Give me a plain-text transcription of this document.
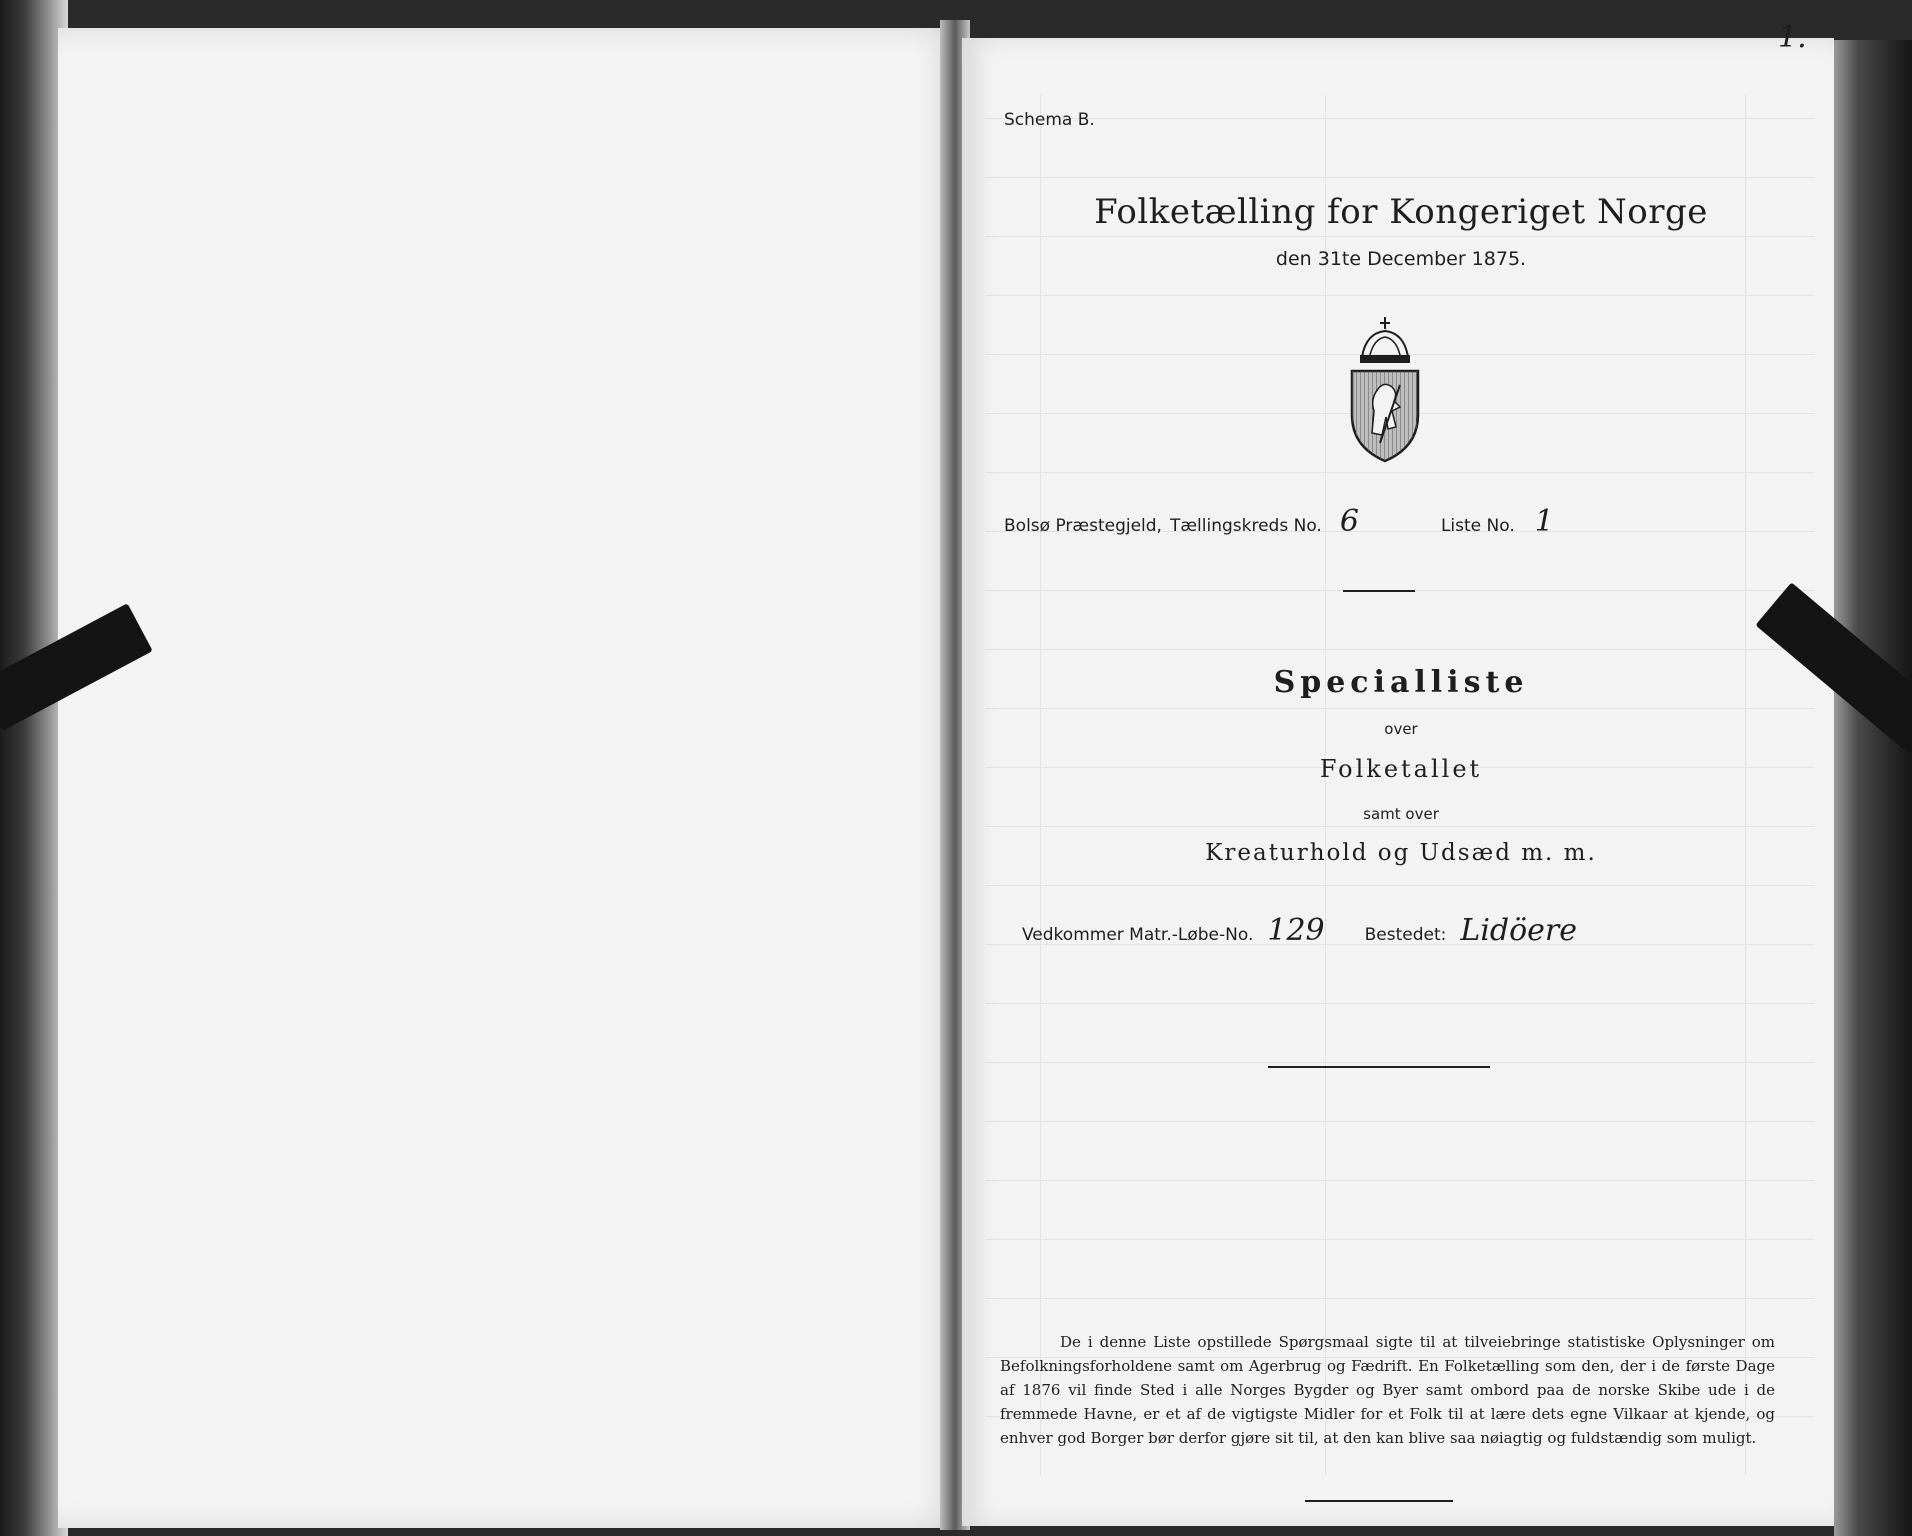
Schema B.
1.
Folketælling for Kongeriget Norge
den 31te December 1875.
Bolsø Præstegjeld, Tællingskreds No. 6	Liste No. 1
Specialliste
over
Folketallet
samt over
Kreaturhold og Udsæd m. m.
Vedkommer Matr.-Løbe-No. 129 Bestedet: Lidöere
De i denne Liste opstillede Spørgsmaal sigte til at tilveiebringe statistiske Oplysninger om Befolkningsforholdene samt om Agerbrug og Fædrift. En Folketælling som den, der i de første Dage af 1876 vil finde Sted i alle Norges Bygder og Byer samt ombord paa de norske Skibe ude i de fremmede Havne, er et af de vigtigste Midler for et Folk til at lære dets egne Vilkaar at kjende, og enhver god Borger bør derfor gjøre sit til, at den kan blive saa nøiagtig og fuldstændig som muligt.
